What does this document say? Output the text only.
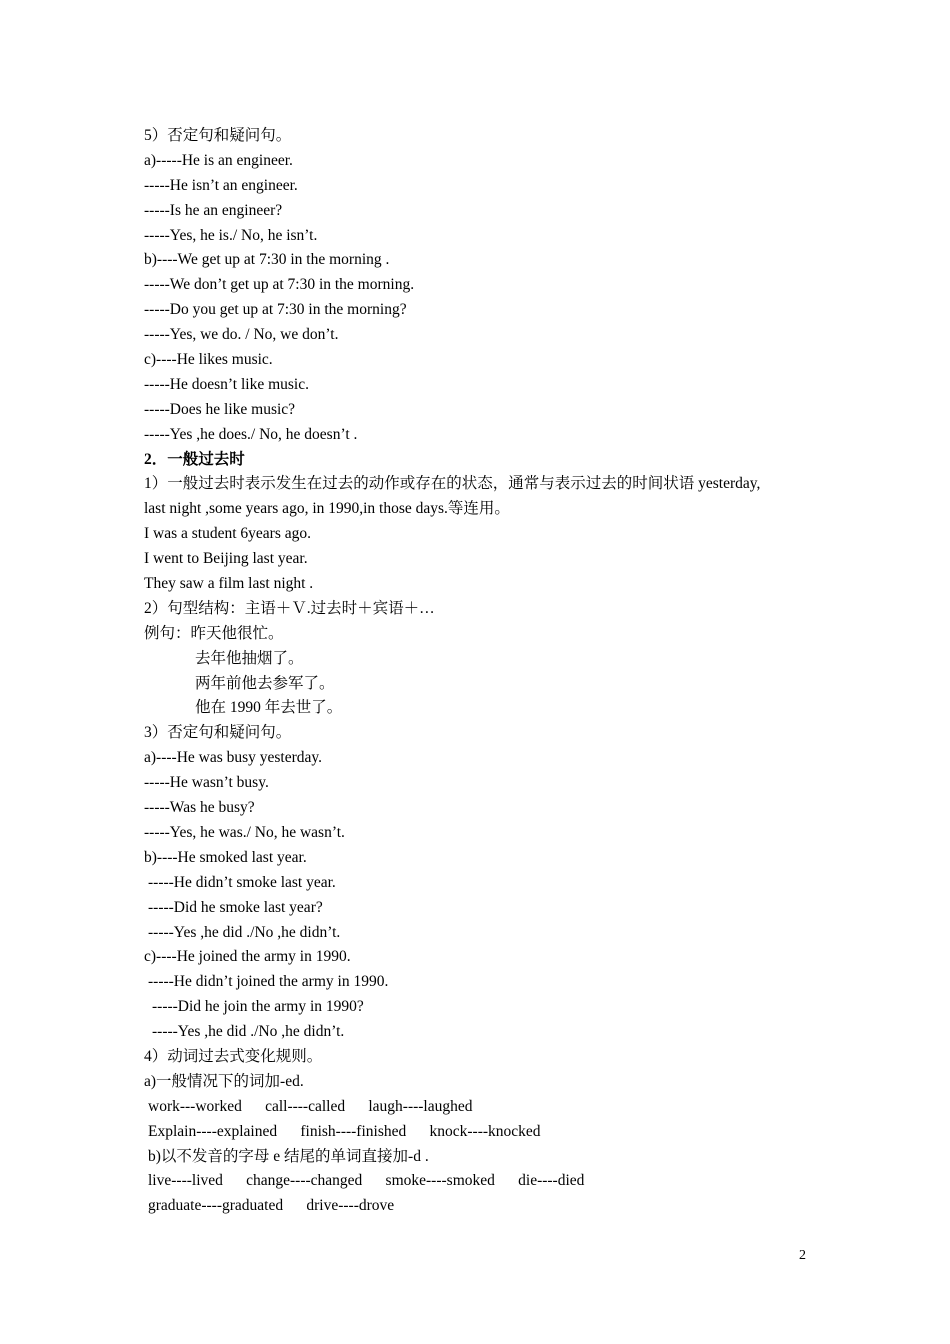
5）否定句和疑问句。
a)-----He is an engineer.
-----He isn’t an engineer.
-----Is he an engineer?
-----Yes, he is./ No, he isn’t.
b)----We get up at 7:30 in the morning .
-----We don’t get up at 7:30 in the morning.
-----Do you get up at 7:30 in the morning?
-----Yes, we do. / No, we don’t.
c)----He likes music.
-----He doesn’t like music.
-----Does he like music?
-----Yes ,he does./ No, he doesn’t .
2．一般过去时
1）一般过去时表示发生在过去的动作或存在的状态，通常与表示过去的时间状语 yesterday,
last night ,some years ago, in 1990,in those days.等连用。
I was a student 6years ago.
I went to Beijing last year.
They saw a film last night .
2）句型结构：主语＋Ｖ.过去时＋宾语＋…
例句：昨天他很忙。
去年他抽烟了。
两年前他去参军了。
他在 1990 年去世了。
3）否定句和疑问句。
a)----He was busy yesterday.
-----He wasn’t busy.
-----Was he busy?
-----Yes, he was./ No, he wasn’t.
b)----He smoked last year.
-----He didn’t smoke last year.
-----Did he smoke last year?
-----Yes ,he did ./No ,he didn’t.
c)----He joined the army in 1990.
-----He didn’t joined the army in 1990.
-----Did he join the army in 1990?
-----Yes ,he did ./No ,he didn’t.
4）动词过去式变化规则。
a)一般情况下的词加-ed.
work---worked      call----called      laugh----laughed
Explain----explained      finish----finished      knock----knocked
b)以不发音的字母 e 结尾的单词直接加-d .
live----lived      change----changed      smoke----smoked      die----died
graduate----graduated      drive----drove
2
